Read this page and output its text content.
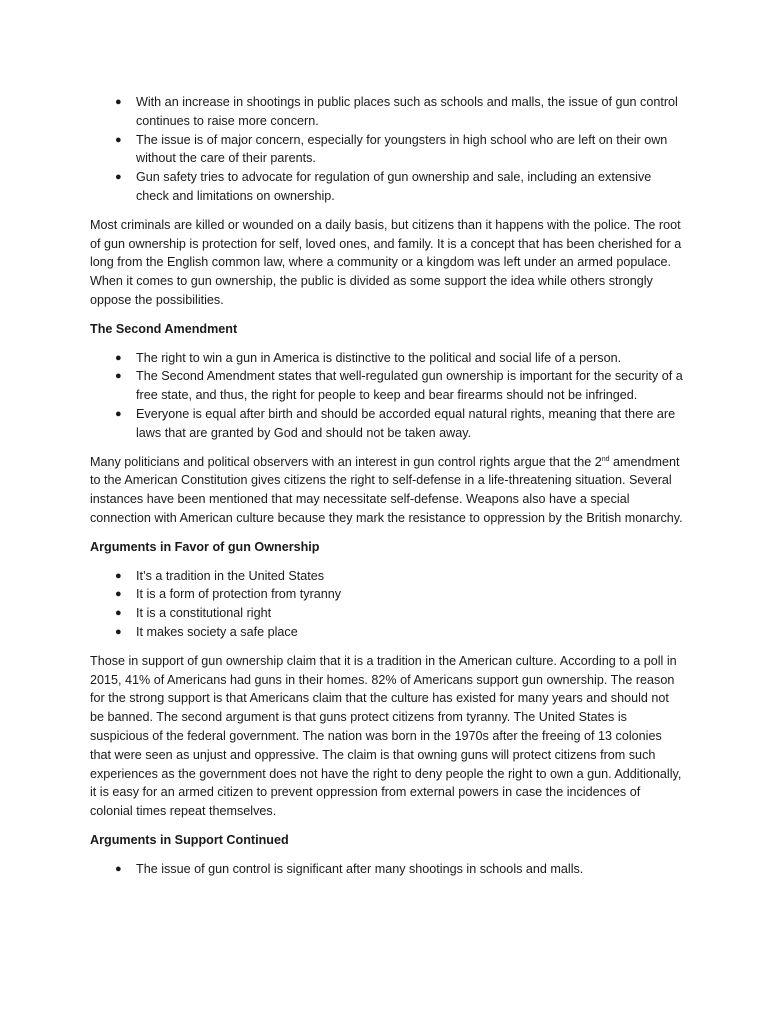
● With an increase in shootings in public places such as schools and malls, the issue of gun control continues to raise more concern.
● The issue is of major concern, especially for youngsters in high school who are left on their own without the care of their parents.
● Gun safety tries to advocate for regulation of gun ownership and sale, including an extensive check and limitations on ownership.

Most criminals are killed or wounded on a daily basis, but citizens than it happens with the police. The root of gun ownership is protection for self, loved ones, and family. It is a concept that has been cherished for a long from the English common law, where a community or a kingdom was left under an armed populace. When it comes to gun ownership, the public is divided as some support the idea while others strongly oppose the possibilities.

The Second Amendment

● The right to win a gun in America is distinctive to the political and social life of a person.
● The Second Amendment states that well-regulated gun ownership is important for the security of a free state, and thus, the right for people to keep and bear firearms should not be infringed.
● Everyone is equal after birth and should be accorded equal natural rights, meaning that there are laws that are granted by God and should not be taken away.

Many politicians and political observers with an interest in gun control rights argue that the 2nd amendment to the American Constitution gives citizens the right to self-defense in a life-threatening situation. Several instances have been mentioned that may necessitate self-defense. Weapons also have a special connection with American culture because they mark the resistance to oppression by the British monarchy.

Arguments in Favor of gun Ownership

● It’s a tradition in the United States
● It is a form of protection from tyranny
● It is a constitutional right
● It makes society a safe place

Those in support of gun ownership claim that it is a tradition in the American culture. According to a poll in 2015, 41% of Americans had guns in their homes. 82% of Americans support gun ownership. The reason for the strong support is that Americans claim that the culture has existed for many years and should not be banned. The second argument is that guns protect citizens from tyranny. The United States is suspicious of the federal government. The nation was born in the 1970s after the freeing of 13 colonies that were seen as unjust and oppressive. The claim is that owning guns will protect citizens from such experiences as the government does not have the right to deny people the right to own a gun. Additionally, it is easy for an armed citizen to prevent oppression from external powers in case the incidences of colonial times repeat themselves.

Arguments in Support Continued

● The issue of gun control is significant after many shootings in schools and malls.
